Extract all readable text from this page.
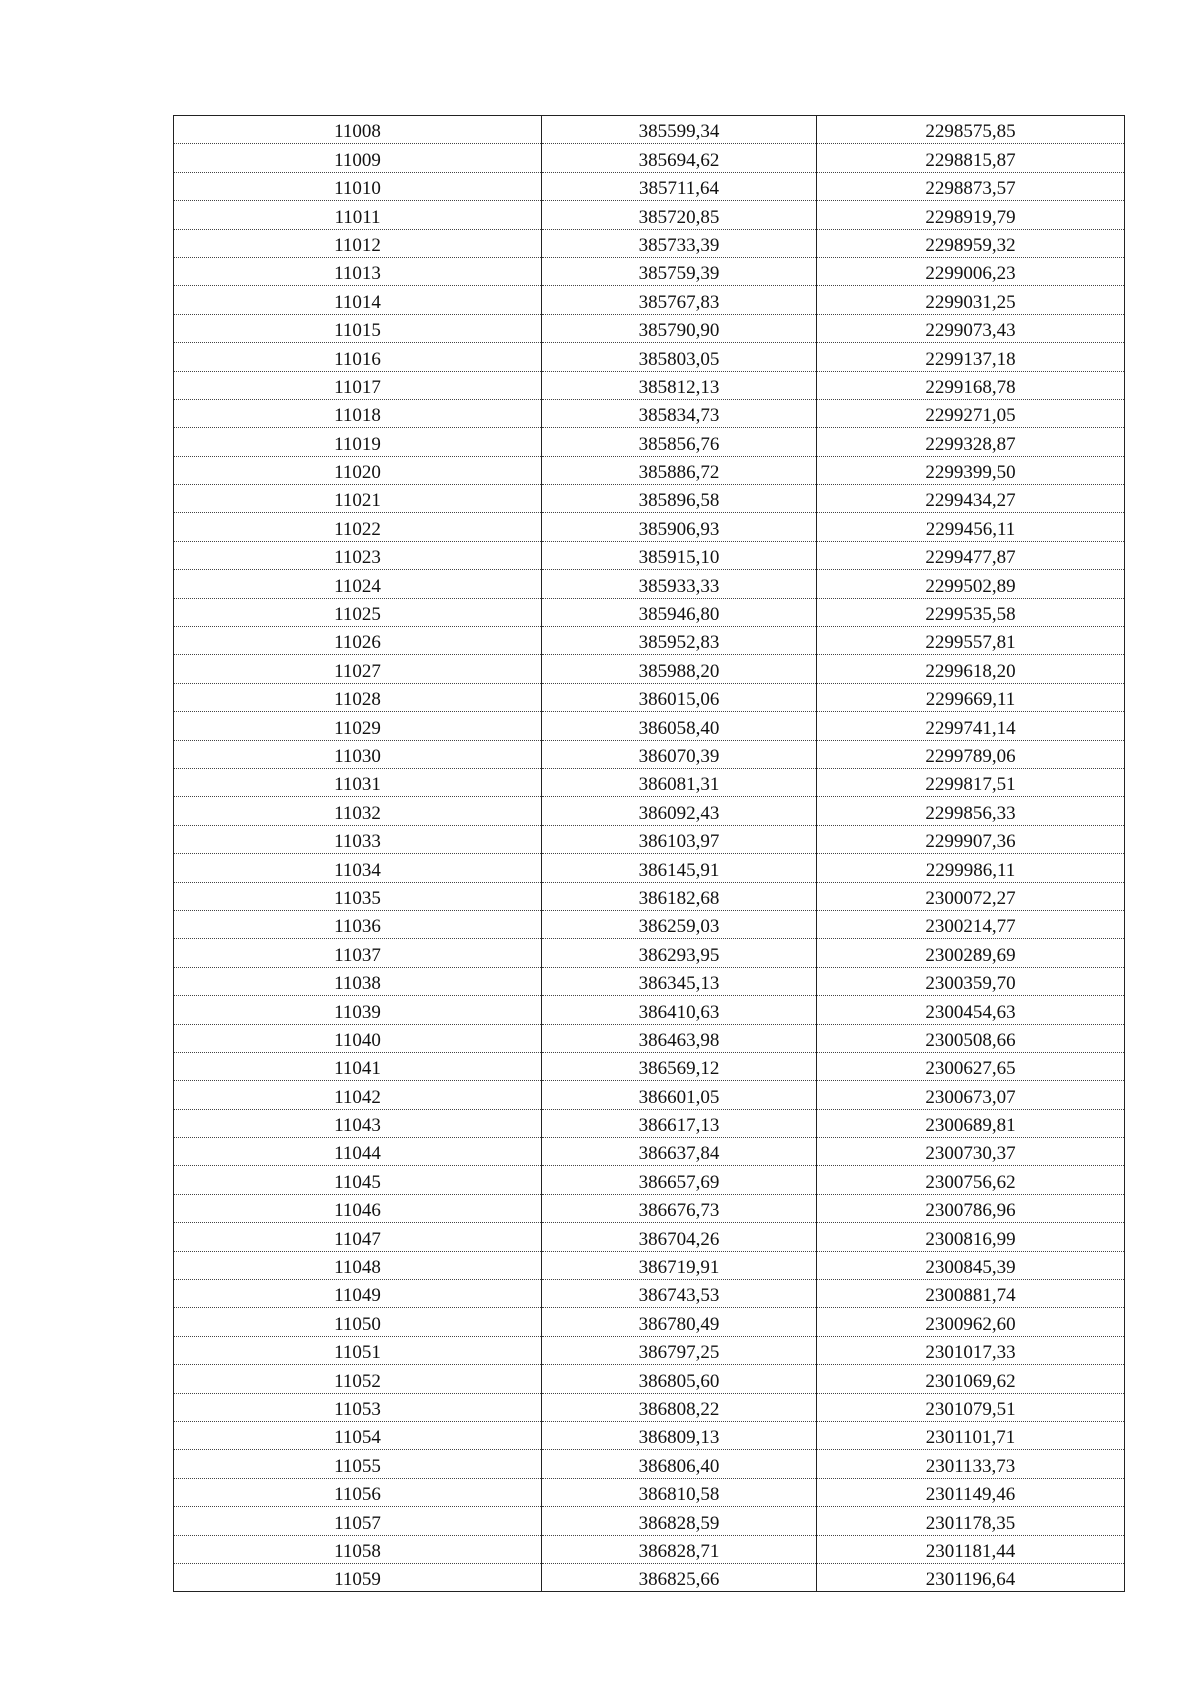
11008	385599,34	2298575,85
11009	385694,62	2298815,87
11010	385711,64	2298873,57
11011	385720,85	2298919,79
11012	385733,39	2298959,32
11013	385759,39	2299006,23
11014	385767,83	2299031,25
11015	385790,90	2299073,43
11016	385803,05	2299137,18
11017	385812,13	2299168,78
11018	385834,73	2299271,05
11019	385856,76	2299328,87
11020	385886,72	2299399,50
11021	385896,58	2299434,27
11022	385906,93	2299456,11
11023	385915,10	2299477,87
11024	385933,33	2299502,89
11025	385946,80	2299535,58
11026	385952,83	2299557,81
11027	385988,20	2299618,20
11028	386015,06	2299669,11
11029	386058,40	2299741,14
11030	386070,39	2299789,06
11031	386081,31	2299817,51
11032	386092,43	2299856,33
11033	386103,97	2299907,36
11034	386145,91	2299986,11
11035	386182,68	2300072,27
11036	386259,03	2300214,77
11037	386293,95	2300289,69
11038	386345,13	2300359,70
11039	386410,63	2300454,63
11040	386463,98	2300508,66
11041	386569,12	2300627,65
11042	386601,05	2300673,07
11043	386617,13	2300689,81
11044	386637,84	2300730,37
11045	386657,69	2300756,62
11046	386676,73	2300786,96
11047	386704,26	2300816,99
11048	386719,91	2300845,39
11049	386743,53	2300881,74
11050	386780,49	2300962,60
11051	386797,25	2301017,33
11052	386805,60	2301069,62
11053	386808,22	2301079,51
11054	386809,13	2301101,71
11055	386806,40	2301133,73
11056	386810,58	2301149,46
11057	386828,59	2301178,35
11058	386828,71	2301181,44
11059	386825,66	2301196,64
